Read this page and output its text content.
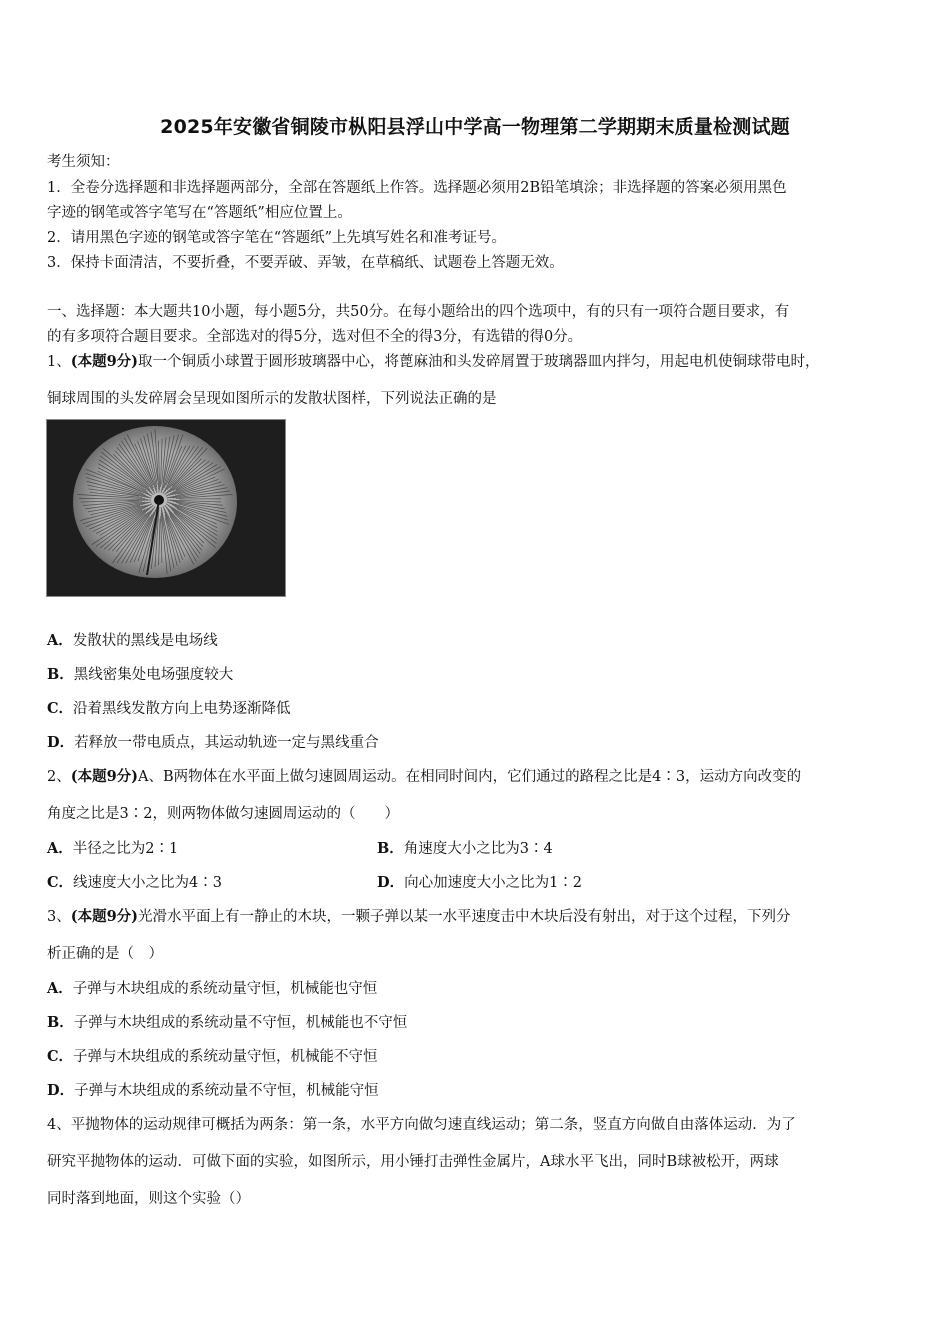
2025年安徽省铜陵市枞阳县浮山中学高一物理第二学期期末质量检测试题
考生须知：
1．全卷分选择题和非选择题两部分，全部在答题纸上作答。选择题必须用2B铅笔填涂；非选择题的答案必须用黑色
字迹的钢笔或答字笔写在“答题纸”相应位置上。
2．请用黑色字迹的钢笔或答字笔在“答题纸”上先填写姓名和准考证号。
3．保持卡面清洁，不要折叠，不要弄破、弄皱，在草稿纸、试题卷上答题无效。
一、选择题：本大题共10小题，每小题5分，共50分。在每小题给出的四个选项中，有的只有一项符合题目要求，有
的有多项符合题目要求。全部选对的得5分，选对但不全的得3分，有选错的得0分。
1、(本题9分)取一个铜质小球置于圆形玻璃器中心，将蓖麻油和头发碎屑置于玻璃器皿内拌匀，用起电机使铜球带电时，
铜球周围的头发碎屑会呈现如图所示的发散状图样，下列说法正确的是
A．发散状的黑线是电场线
B．黑线密集处电场强度较大
C．沿着黑线发散方向上电势逐渐降低
D．若释放一带电质点，其运动轨迹一定与黑线重合
2、(本题9分)A、B两物体在水平面上做匀速圆周运动。在相同时间内，它们通过的路程之比是4∶3，运动方向改变的
角度之比是3∶2，则两物体做匀速圆周运动的（　　）
A．半径之比为2∶1	B．角速度大小之比为3∶4
C．线速度大小之比为4∶3	D．向心加速度大小之比为1∶2
3、(本题9分)光滑水平面上有一静止的木块，一颗子弹以某一水平速度击中木块后没有射出，对于这个过程，下列分
析正确的是（　）
A．子弹与木块组成的系统动量守恒，机械能也守恒
B．子弹与木块组成的系统动量不守恒，机械能也不守恒
C．子弹与木块组成的系统动量守恒，机械能不守恒
D．子弹与木块组成的系统动量不守恒，机械能守恒
4、平抛物体的运动规律可概括为两条：第一条，水平方向做匀速直线运动；第二条，竖直方向做自由落体运动．为了
研究平抛物体的运动．可做下面的实验，如图所示，用小锤打击弹性金属片，A球水平飞出，同时B球被松开，两球
同时落到地面，则这个实验（）
